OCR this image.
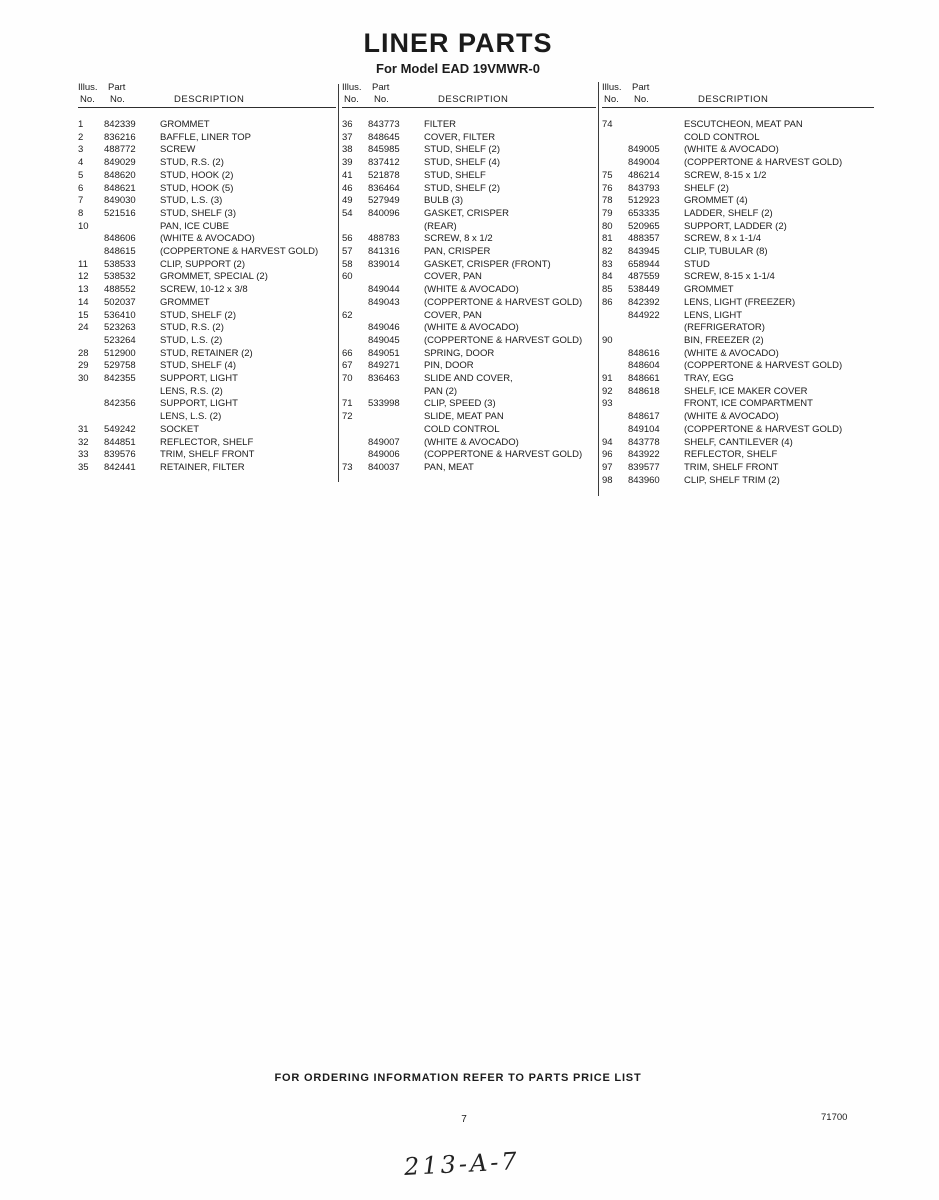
LINER PARTS
For Model EAD 19VMWR-0
Illus. Part
No. No.	DESCRIPTION
1	842339	GROMMET
2	836216	BAFFLE, LINER TOP
3	488772	SCREW
4	849029	STUD, R.S. (2)
5	848620	STUD, HOOK (2)
6	848621	STUD, HOOK (5)
7	849030	STUD, L.S. (3)
8	521516	STUD, SHELF (3)
10	PAN, ICE CUBE
848606	(WHITE & AVOCADO)
848615	(COPPERTONE & HARVEST GOLD)
11	538533	CLIP, SUPPORT (2)
12	538532	GROMMET, SPECIAL (2)
13	488552	SCREW, 10-12 x 3/8
14	502037	GROMMET
15	536410	STUD, SHELF (2)
24	523263	STUD, R.S. (2)
523264	STUD, L.S. (2)
28	512900	STUD, RETAINER (2)
29	529758	STUD, SHELF (4)
30	842355	SUPPORT, LIGHT
LENS, R.S. (2)
842356	SUPPORT, LIGHT
LENS, L.S. (2)
31	549242	SOCKET
32	844851	REFLECTOR, SHELF
33	839576	TRIM, SHELF FRONT
35	842441	RETAINER, FILTER
Illus. Part
No. No.	DESCRIPTION
36	843773	FILTER
37	848645	COVER, FILTER
38	845985	STUD, SHELF (2)
39	837412	STUD, SHELF (4)
41	521878	STUD, SHELF
46	836464	STUD, SHELF (2)
49	527949	BULB (3)
54	840096	GASKET, CRISPER
(REAR)
56	488783	SCREW, 8 x 1/2
57	841316	PAN, CRISPER
58	839014	GASKET, CRISPER (FRONT)
60	COVER, PAN
849044	(WHITE & AVOCADO)
849043	(COPPERTONE & HARVEST GOLD)
62	COVER, PAN
849046	(WHITE & AVOCADO)
849045	(COPPERTONE & HARVEST GOLD)
66	849051	SPRING, DOOR
67	849271	PIN, DOOR
70	836463	SLIDE AND COVER,
PAN (2)
71	533998	CLIP, SPEED (3)
72	SLIDE, MEAT PAN
COLD CONTROL
849007	(WHITE & AVOCADO)
849006	(COPPERTONE & HARVEST GOLD)
73	840037	PAN, MEAT
Illus. Part
No. No.	DESCRIPTION
74	ESCUTCHEON, MEAT PAN
COLD CONTROL
849005	(WHITE & AVOCADO)
849004	(COPPERTONE & HARVEST GOLD)
75	486214	SCREW, 8-15 x 1/2
76	843793	SHELF (2)
78	512923	GROMMET (4)
79	653335	LADDER, SHELF (2)
80	520965	SUPPORT, LADDER (2)
81	488357	SCREW, 8 x 1-1/4
82	843945	CLIP, TUBULAR (8)
83	658944	STUD
84	487559	SCREW, 8-15 x 1-1/4
85	538449	GROMMET
86	842392	LENS, LIGHT (FREEZER)
844922	LENS, LIGHT
(REFRIGERATOR)
90	BIN, FREEZER (2)
848616	(WHITE & AVOCADO)
848604	(COPPERTONE & HARVEST GOLD)
91	848661	TRAY, EGG
92	848618	SHELF, ICE MAKER COVER
93	FRONT, ICE COMPARTMENT
848617	(WHITE & AVOCADO)
849104	(COPPERTONE & HARVEST GOLD)
94	843778	SHELF, CANTILEVER (4)
96	843922	REFLECTOR, SHELF
97	839577	TRIM, SHELF FRONT
98	843960	CLIP, SHELF TRIM (2)
FOR ORDERING INFORMATION REFER TO PARTS PRICE LIST
7	71700
213-A-7
